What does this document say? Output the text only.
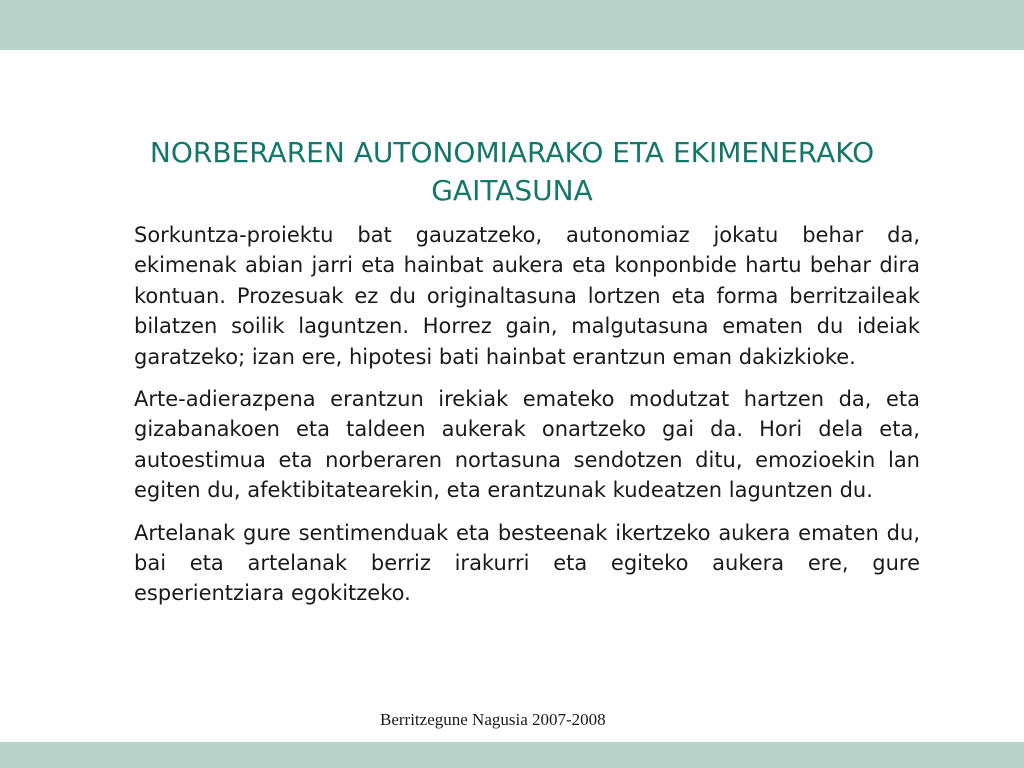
NORBERAREN AUTONOMIARAKO ETA EKIMENERAKO GAITASUNA

Sorkuntza-proiektu bat gauzatzeko, autonomiaz jokatu behar da, ekimenak abian jarri eta hainbat aukera eta konponbide hartu behar dira kontuan. Prozesuak ez du originaltasuna lortzen eta forma berritzaileak bilatzen soilik laguntzen. Horrez gain, malgutasuna ematen du ideiak garatzeko; izan ere, hipotesi bati hainbat erantzun eman dakizkioke.

Arte-adierazpena erantzun irekiak emateko modutzat hartzen da, eta gizabanakoen eta taldeen aukerak onartzeko gai da. Hori dela eta, autoestimua eta norberaren nortasuna sendotzen ditu, emozioekin lan egiten du, afektibitatearekin, eta erantzunak kudeatzen laguntzen du.

Artelanak gure sentimenduak eta besteenak ikertzeko aukera ematen du, bai eta artelanak berriz irakurri eta egiteko aukera ere, gure esperientziara egokitzeko.

Berritzegune Nagusia 2007-2008
